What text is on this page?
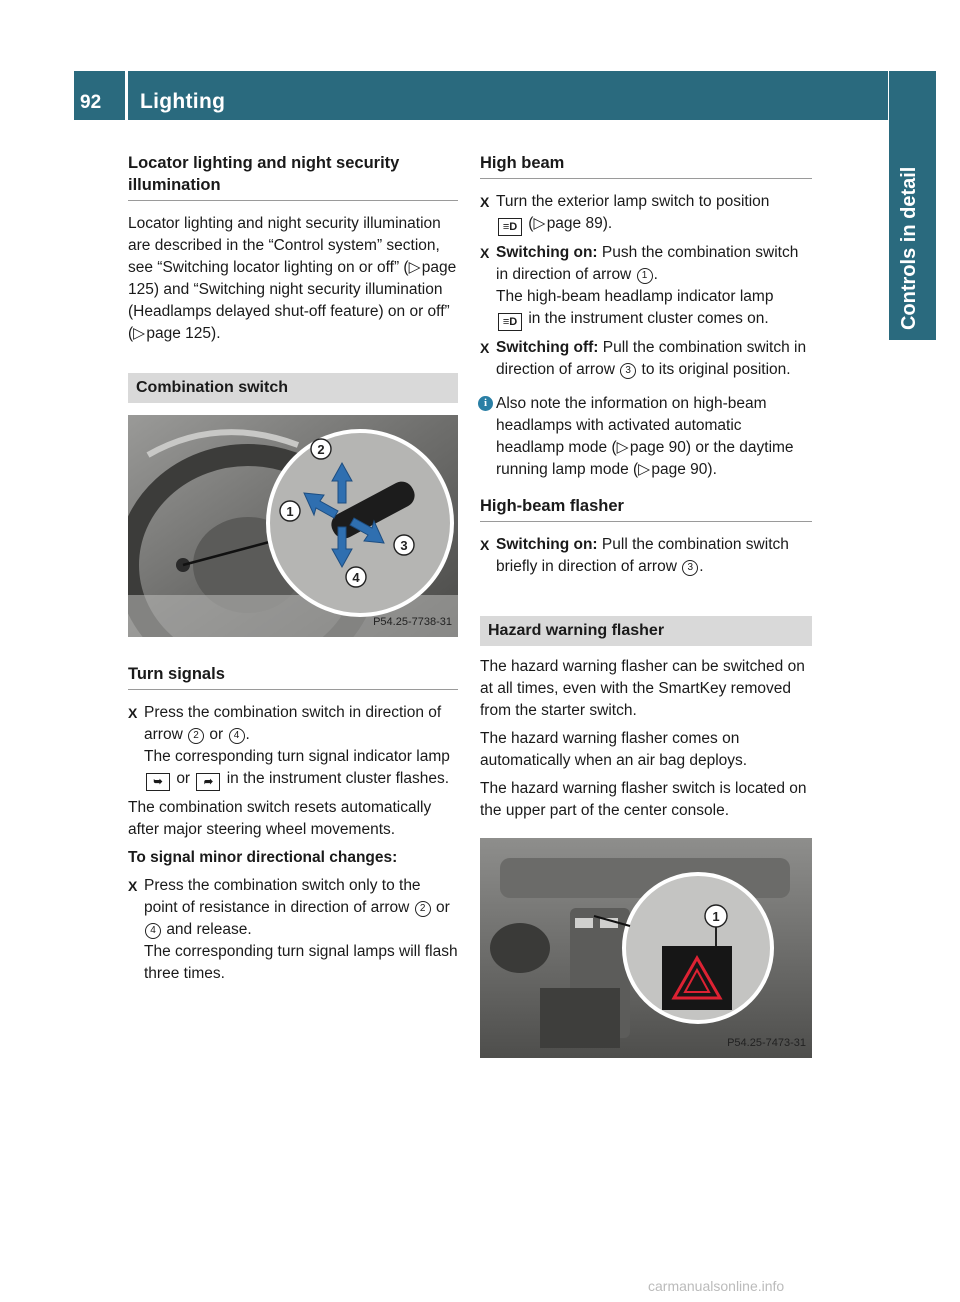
92 Lighting
Controls in detail
Locator lighting and night security illumination

Locator lighting and night security illumination are described in the “Control system” section, see “Switching locator lighting on or off” (▷ page 125) and “Switching night security illumination (Headlamps delayed shut-off feature) on or off” (▷ page 125).

Combination switch
2
1
3
4
P54.25-7738-31
Turn signals
X Press the combination switch in direction of arrow 2 or 4 .
The corresponding turn signal indicator lamp ➥ or ➦ in the instrument cluster flashes.

The combination switch resets automatically after major steering wheel movements.

To signal minor directional changes:

X Press the combination switch only to the point of resistance in direction of arrow 2 or 4 and release.
The corresponding turn signal lamps will flash three times.
High beam
X Turn the exterior lamp switch to position
≡D (▷ page 89).
X Switching on: Push the combination switch in direction of arrow 1 .
The high-beam headlamp indicator lamp
≡D in the instrument cluster comes on.
X Switching off: Pull the combination switch in direction of arrow 3 to its original position.
i Also note the information on high-beam headlamps with activated automatic headlamp mode (▷ page 90) or the daytime running lamp mode (▷ page 90).
High-beam flasher
X Switching on: Pull the combination switch briefly in direction of arrow 3 .
Hazard warning flasher

The hazard warning flasher can be switched on at all times, even with the SmartKey removed from the starter switch.

The hazard warning flasher comes on automatically when an air bag deploys.

The hazard warning flasher switch is located on the upper part of the center console.

1
P54.25-7473-31
carmanualsonline.info
